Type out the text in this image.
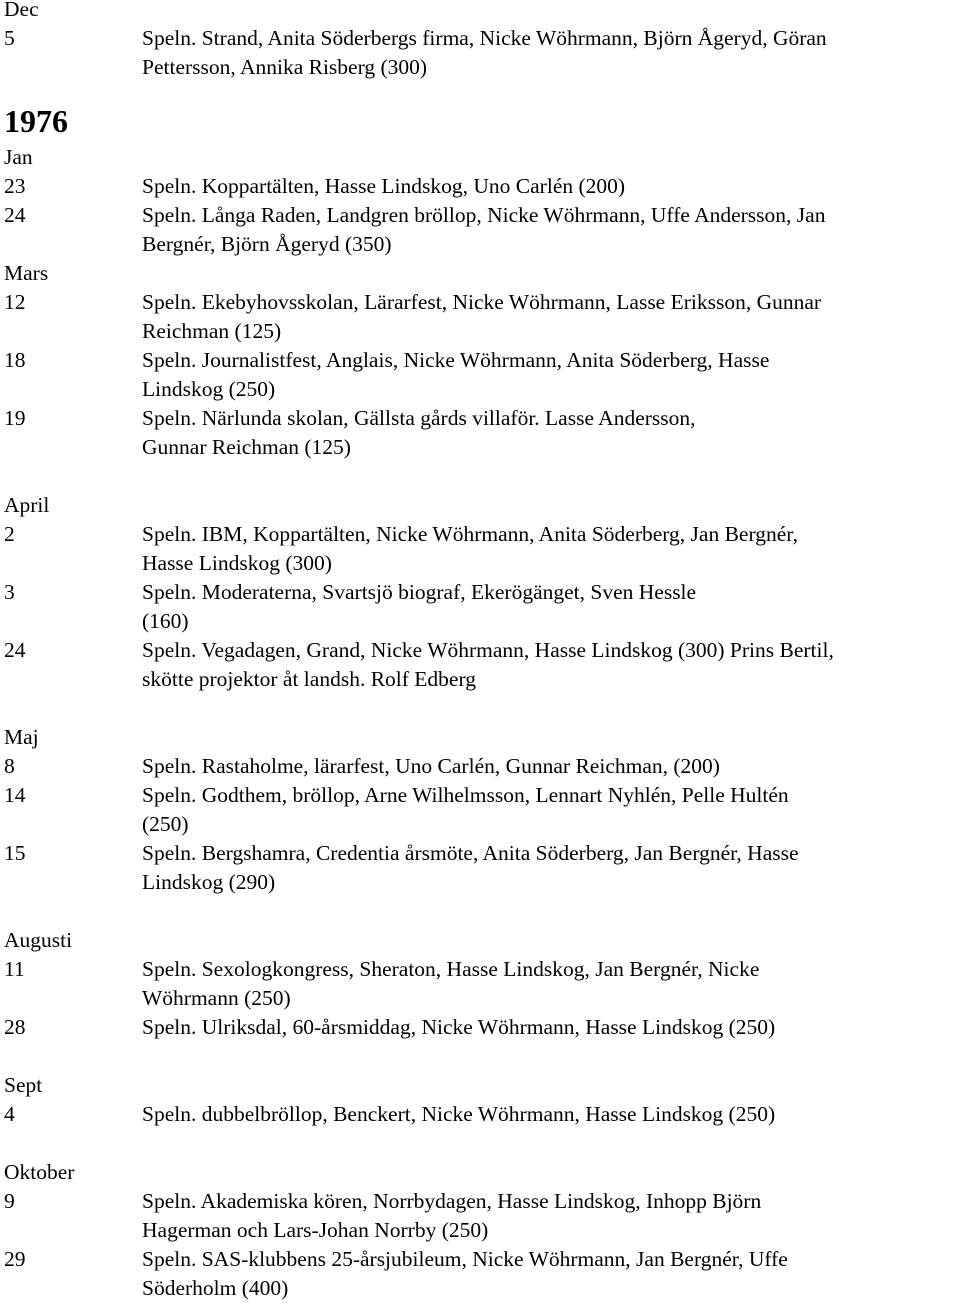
Dec
5	Speln. Strand, Anita Söderbergs firma, Nicke Wöhrmann, Björn Ågeryd, Göran
Pettersson, Annika Risberg (300)
1976
Jan
23	Speln. Koppartälten, Hasse Lindskog, Uno Carlén (200)
24	Speln. Långa Raden, Landgren bröllop, Nicke Wöhrmann, Uffe Andersson, Jan
Bergnér, Björn Ågeryd (350)
Mars
12	Speln. Ekebyhovsskolan, Lärarfest, Nicke Wöhrmann, Lasse Eriksson, Gunnar
Reichman (125)
18	Speln. Journalistfest, Anglais, Nicke Wöhrmann, Anita Söderberg, Hasse
Lindskog (250)
19	Speln. Närlunda skolan, Gällsta gårds villaför. Lasse Andersson,
Gunnar Reichman (125)
April
2	Speln. IBM, Koppartälten, Nicke Wöhrmann, Anita Söderberg, Jan Bergnér,
Hasse Lindskog (300)
3	Speln. Moderaterna, Svartsjö biograf, Ekerögänget, Sven Hessle
(160)
24	Speln. Vegadagen, Grand, Nicke Wöhrmann, Hasse Lindskog (300) Prins Bertil,
skötte projektor åt landsh. Rolf Edberg
Maj
8	Speln. Rastaholme, lärarfest, Uno Carlén, Gunnar Reichman, (200)
14	Speln. Godthem, bröllop, Arne Wilhelmsson, Lennart Nyhlén, Pelle Hultén
(250)
15	Speln. Bergshamra, Credentia årsmöte, Anita Söderberg, Jan Bergnér, Hasse
Lindskog (290)
Augusti
11	Speln. Sexologkongress, Sheraton, Hasse Lindskog, Jan Bergnér, Nicke
Wöhrmann (250)
28	Speln. Ulriksdal, 60-årsmiddag, Nicke Wöhrmann, Hasse Lindskog (250)
Sept
4	Speln. dubbelbröllop, Benckert, Nicke Wöhrmann, Hasse Lindskog (250)
Oktober
9	Speln. Akademiska kören, Norrbydagen, Hasse Lindskog, Inhopp Björn
Hagerman och Lars-Johan Norrby (250)
29	Speln. SAS-klubbens 25-årsjubileum, Nicke Wöhrmann, Jan Bergnér, Uffe
Söderholm (400)
